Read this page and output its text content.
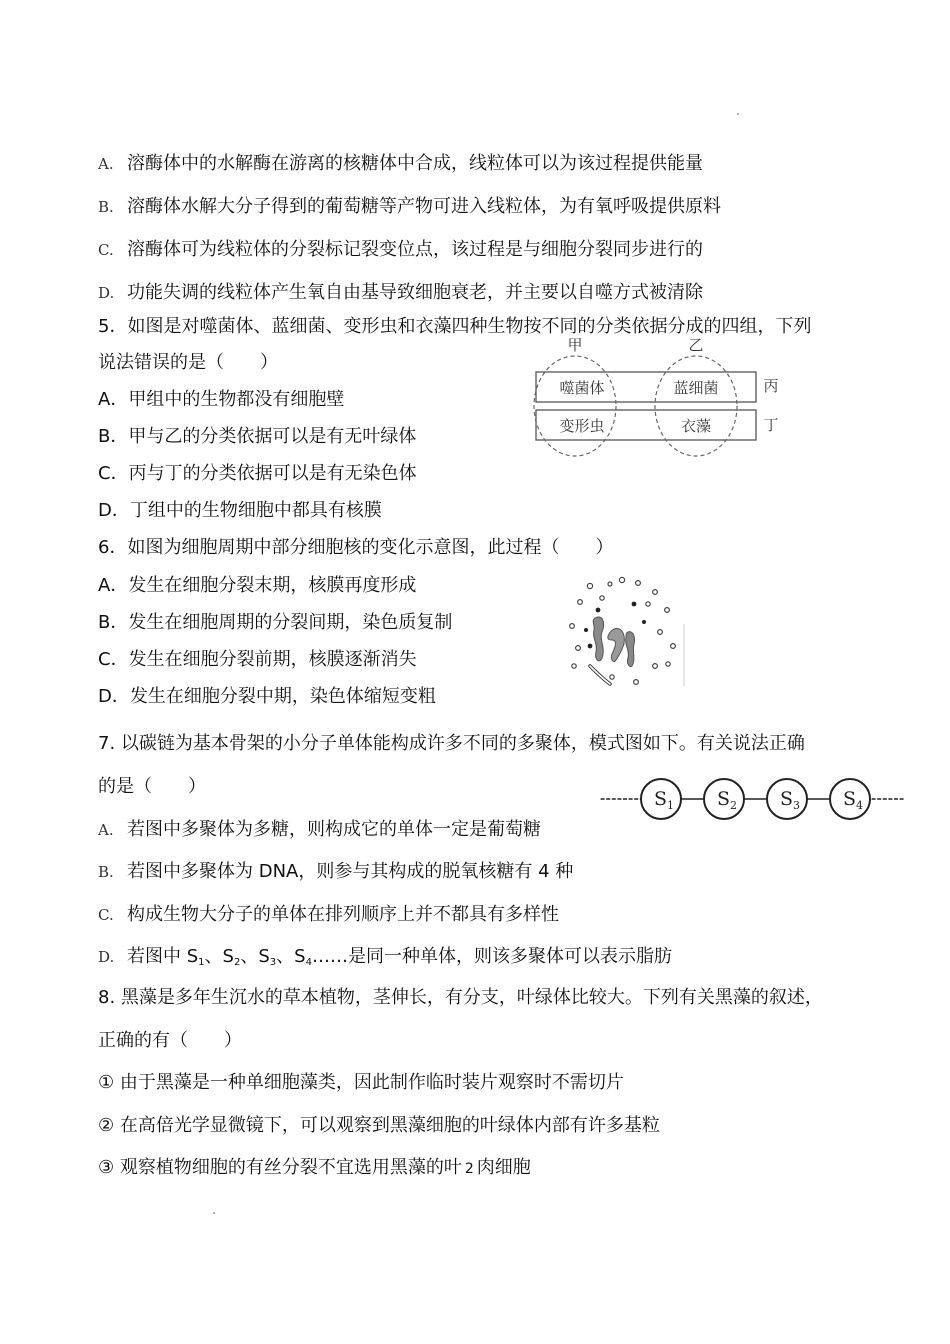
A. 溶酶体中的水解酶在游离的核糖体中合成，线粒体可以为该过程提供能量
B. 溶酶体水解大分子得到的葡萄糖等产物可进入线粒体，为有氧呼吸提供原料
C. 溶酶体可为线粒体的分裂标记裂变位点，该过程是与细胞分裂同步进行的
D. 功能失调的线粒体产生氧自由基导致细胞衰老，并主要以自噬方式被清除
5．如图是对噬菌体、蓝细菌、变形虫和衣藻四种生物按不同的分类依据分成的四组，下列
说法错误的是（　　）
A．甲组中的生物都没有细胞壁
B．甲与乙的分类依据可以是有无叶绿体
C．丙与丁的分类依据可以是有无染色体
D．丁组中的生物细胞中都具有核膜
甲	乙
丙
丁
噬菌体	蓝细菌
变形虫	衣藻
6．如图为细胞周期中部分细胞核的变化示意图，此过程（　　）
A．发生在细胞分裂末期，核膜再度形成
B．发生在细胞周期的分裂间期，染色质复制
C．发生在细胞分裂前期，核膜逐渐消失
D．发生在细胞分裂中期，染色体缩短变粗
7. 以碳链为基本骨架的小分子单体能构成许多不同的多聚体，模式图如下。有关说法正确
的是（　　）
$S_1$ $S_2$ $S_3$ $S_4$
A. 若图中多聚体为多糖，则构成它的单体一定是葡萄糖
B. 若图中多聚体为 DNA，则参与其构成的脱氧核糖有 4 种
C. 构成生物大分子的单体在排列顺序上并不都具有多样性
D. 若图中 $S_1$、$S_2$、$S_3$、$S_4\dots\dots$是同一种单体，则该多聚体可以表示脂肪
8. 黑藻是多年生沉水的草本植物，茎伸长，有分支，叶绿体比较大。下列有关黑藻的叙述，
正确的有（　　）
① 由于黑藻是一种单细胞藻类，因此制作临时装片观察时不需切片
② 在高倍光学显微镜下，可以观察到黑藻细胞的叶绿体内部有许多基粒
③ 观察植物细胞的有丝分裂不宜选用黑藻的叶 2 肉细胞
